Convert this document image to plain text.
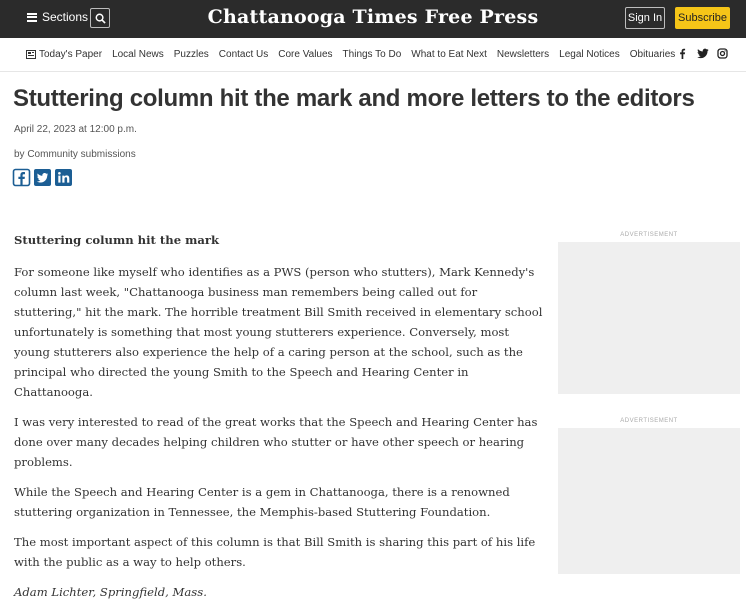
Sections	Chattanooga Times Free Press	Sign In Subscribe
Today's Paper Local News Puzzles Contact Us Core Values Things To Do What to Eat Next Newsletters Legal Notices Obituaries
Stuttering column hit the mark and more letters to the editors
April 22, 2023 at 12:00 p.m.
by Community submissions

Stuttering column hit the mark

For someone like myself who identifies as a PWS (person who stutters), Mark Kennedy's column last week, "Chattanooga business man remembers being called out for stuttering," hit the mark. The horrible treatment Bill Smith received in elementary school unfortunately is something that most young stutterers experience. Conversely, most young stutterers also experience the help of a caring person at the school, such as the principal who directed the young Smith to the Speech and Hearing Center in Chattanooga.

I was very interested to read of the great works that the Speech and Hearing Center has done over many decades helping children who stutter or have other speech or hearing problems.

While the Speech and Hearing Center is a gem in Chattanooga, there is a renowned stuttering organization in Tennessee, the Memphis-based Stuttering Foundation.

The most important aspect of this column is that Bill Smith is sharing this part of his life with the public as a way to help others.

Adam Lichter, Springfield, Mass.

ADVERTISEMENT
ADVERTISEMENT
